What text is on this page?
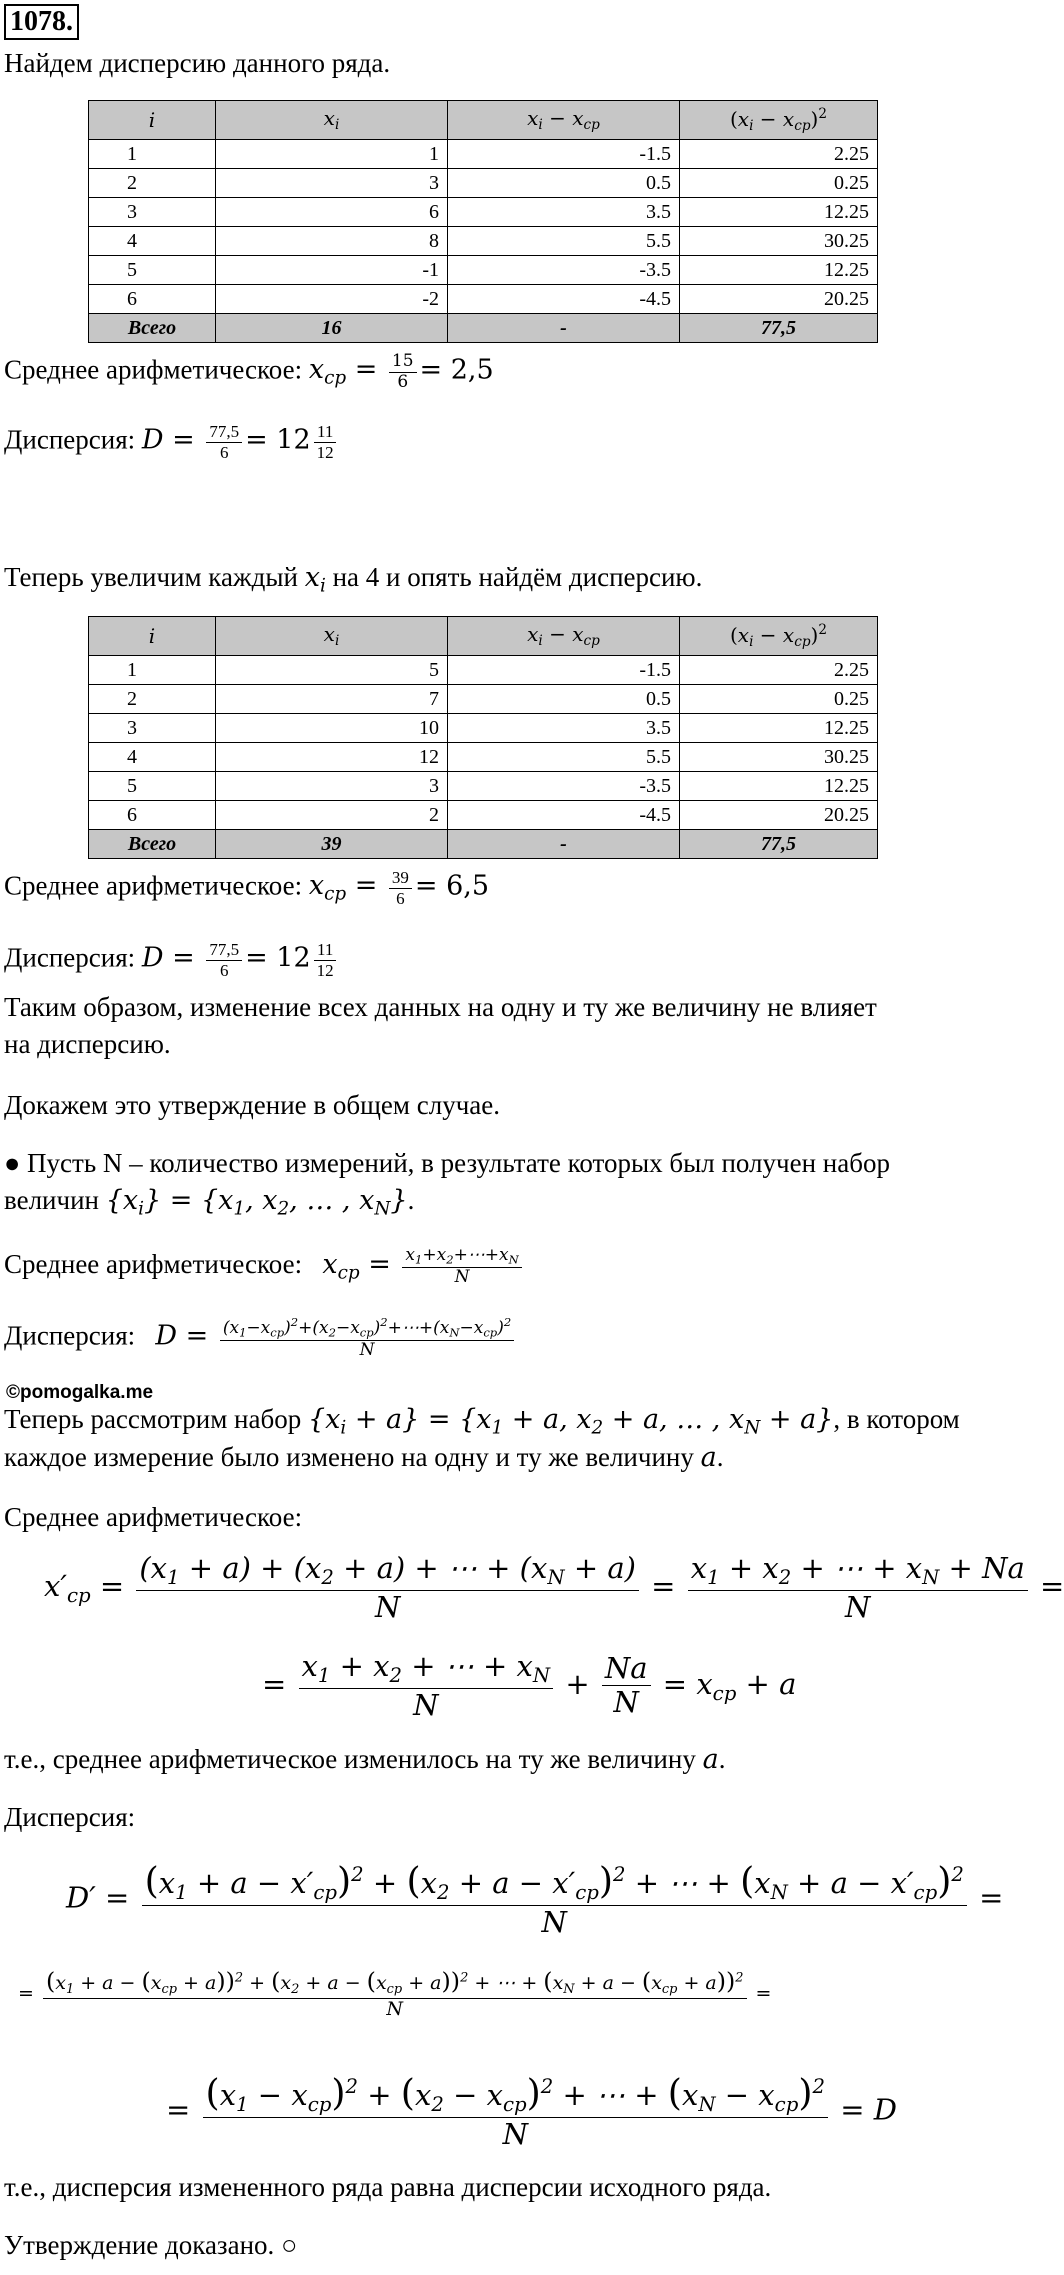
1078.
Найдем дисперсию данного ряда.
i	$x_i$	$x_i - x_{cp}$	$(x_i - x_{cp})^2$
1	1	-1.5	2.25
2	3	0.5	0.25
3	6	3.5	12.25
4	8	5.5	30.25
5	-1	-3.5	12.25
6	-2	-4.5	20.25
Всего	16	-	77,5
Среднее арифметическое: $x_{cp} = \frac{15}{6} = 2,5$
Дисперсия: $D = \frac{77,5}{6} = 12 \frac{11}{12}$
Теперь увеличим каждый $x_i$ на 4 и опять найдём дисперсию.
i	$x_i$	$x_i - x_{cp}$	$(x_i - x_{cp})^2$
1	5	-1.5	2.25
2	7	0.5	0.25
3	10	3.5	12.25
4	12	5.5	30.25
5	3	-3.5	12.25
6	2	-4.5	20.25
Всего	39	-	77,5
Среднее арифметическое: $x_{cp} = \frac{39}{6} = 6,5$
Дисперсия: $D = \frac{77,5}{6} = 12 \frac{11}{12}$
Таким образом, изменение всех данных на одну и ту же величину не влияет
на дисперсию.
Докажем это утверждение в общем случае.
● Пусть N – количество измерений, в результате которых был получен набор
величин $\{x_i\} = \{x_1$, $x_2$, … , $x_N$}.
Среднее арифметическое: $x_{cp} = \frac{x_1+x_2+\cdots+x_N}{N}$
Дисперсия: $D = \frac{(x_1-x_{cp})^2+(x_2-x_{cp})^2+\cdots+(x_N-x_{cp})^2}{N}$
©pomogalka.me
Теперь рассмотрим набор $\{x_i + a\} = \{x_1 + a$, $x_2 + a$, … , $x_N + a$}, в котором
каждое измерение было изменено на одну и ту же величину a.
Среднее арифметическое:
$x'_{cp} = \frac{(x_1 + a) + (x_2 + a) + \cdots + (x_N + a)}{N} = \frac{x_1 + x_2 + \cdots + x_N + Na}{N}$ =
= $\frac{x_1 + x_2 + \cdots + x_N}{N} + \frac{Na}{N} = x_{cp} + a$
т.е., среднее арифметическое изменилось на ту же величину a.
Дисперсия:
$D' = \frac{(x_1 + a - x'_{cp})^2 + (x_2 + a - x'_{cp})^2 + \cdots + (x_N + a - x'_{cp})^2}{N}$ =
= $(x_1 + a - (x_{cp} + a))^2 + (x_2 + a - (x_{cp} + a))^2$ + ⋯ + $(x_N + a - (x_{cp} + a))^2$
N
=
= $\frac{(x_1 - x_{cp})^2 + (x_2 - x_{cp})^2 + \cdots + (x_N - x_{cp})^2}{N} = D$
т.е., дисперсия измененного ряда равна дисперсии исходного ряда.
Утверждение доказано. ○
